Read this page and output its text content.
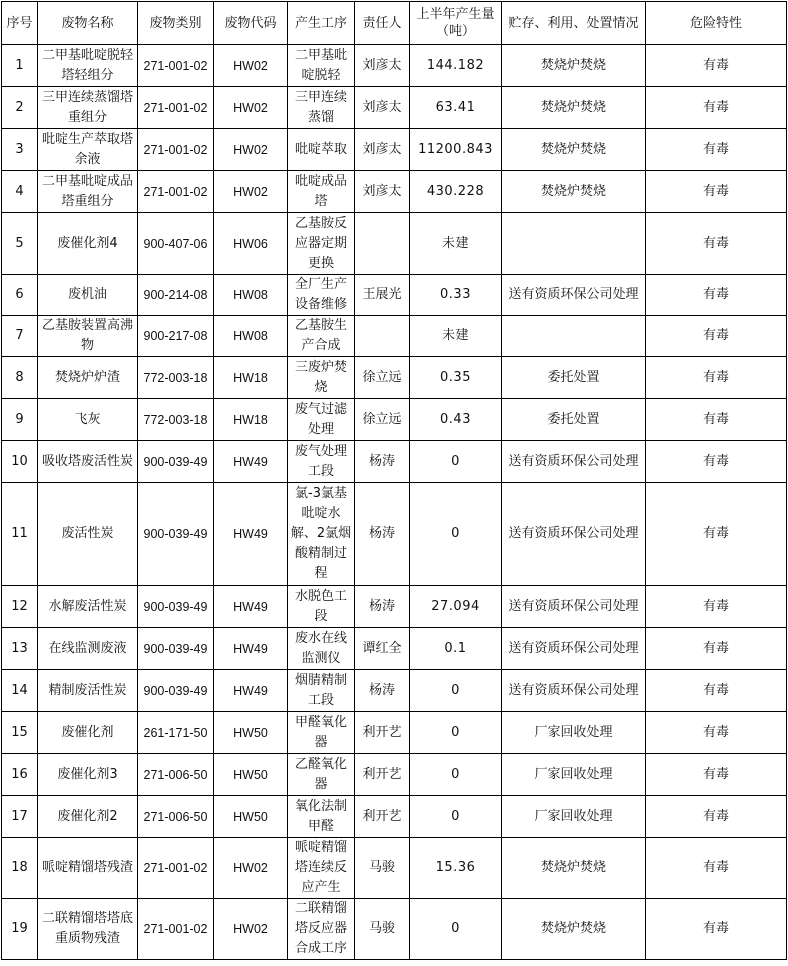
序号	废物名称	废物类别	废物代码	产生工序	责任人	上半年产生量（吨）	贮存、利用、处置情况	危险特性
1	二甲基吡啶脱轻塔轻组分	271-001-02	HW02	二甲基吡啶脱轻	刘彦太	144.182	焚烧炉焚烧	有毒
2	三甲连续蒸馏塔重组分	271-001-02	HW02	三甲连续蒸馏	刘彦太	63.41	焚烧炉焚烧	有毒
3	吡啶生产萃取塔余液	271-001-02	HW02	吡啶萃取	刘彦太	11200.843	焚烧炉焚烧	有毒
4	二甲基吡啶成品塔重组分	271-001-02	HW02	吡啶成品塔	刘彦太	430.228	焚烧炉焚烧	有毒
5	废催化剂4	900-407-06	HW06	乙基胺反应器定期更换		未建		有毒
6	废机油	900-214-08	HW08	全厂生产设备维修	王展光	0.33	送有资质环保公司处理	有毒
7	乙基胺装置高沸物	900-217-08	HW08	乙基胺生产合成		未建		有毒
8	焚烧炉炉渣	772-003-18	HW18	三废炉焚烧	徐立远	0.35	委托处置	有毒
9	飞灰	772-003-18	HW18	废气过滤处理	徐立远	0.43	委托处置	有毒
10	吸收塔废活性炭	900-039-49	HW49	废气处理工段	杨涛	0	送有资质环保公司处理	有毒
11	废活性炭	900-039-49	HW49	氯-3氯基吡啶水解、2氯烟酸精制过程	杨涛	0	送有资质环保公司处理	有毒
12	水解废活性炭	900-039-49	HW49	水脱色工段	杨涛	27.094	送有资质环保公司处理	有毒
13	在线监测废液	900-039-49	HW49	废水在线监测仪	谭红全	0.1	送有资质环保公司处理	有毒
14	精制废活性炭	900-039-49	HW49	烟腈精制工段	杨涛	0	送有资质环保公司处理	有毒
15	废催化剂	261-171-50	HW50	甲醛氧化器	利开艺	0	厂家回收处理	有毒
16	废催化剂3	271-006-50	HW50	乙醛氧化器	利开艺	0	厂家回收处理	有毒
17	废催化剂2	271-006-50	HW50	氧化法制甲醛	利开艺	0	厂家回收处理	有毒
18	哌啶精馏塔残渣	271-001-02	HW02	哌啶精馏塔连续反应产生	马骏	15.36	焚烧炉焚烧	有毒
19	二联精馏塔塔底重质物残渣	271-001-02	HW02	二联精馏塔反应器合成工序	马骏	0	焚烧炉焚烧	有毒
